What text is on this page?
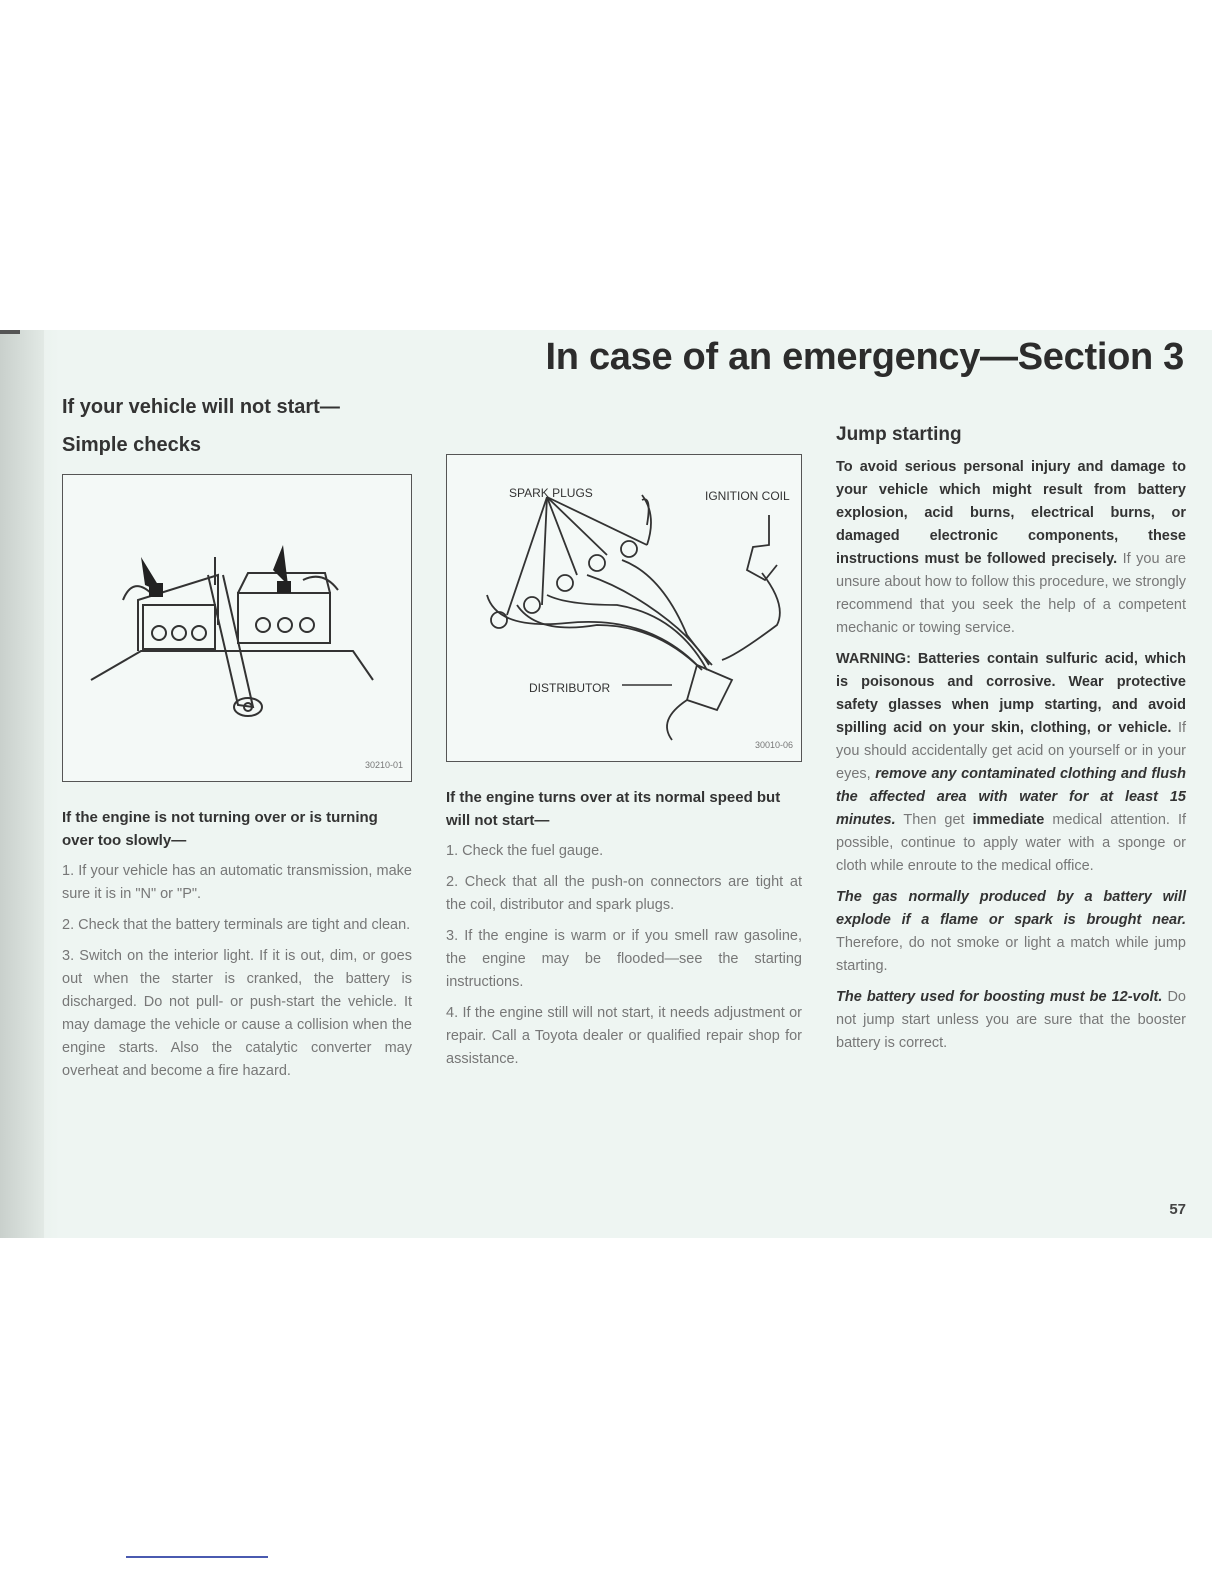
In case of an emergency—Section 3

If your vehicle will not start—

Simple checks

30210-01

If the engine is not turning over or is turning over too slowly—

1. If your vehicle has an automatic transmission, make sure it is in "N" or "P".

2. Check that the battery terminals are tight and clean.

3. Switch on the interior light. If it is out, dim, or goes out when the starter is cranked, the battery is discharged. Do not pull- or push-start the vehicle. It may damage the vehicle or cause a collision when the engine starts. Also the catalytic converter may overheat and become a fire hazard.

SPARK PLUGS	IGNITION COIL
DISTRIBUTOR
30010-06

If the engine turns over at its normal speed but will not start—

1. Check the fuel gauge.

2. Check that all the push-on connectors are tight at the coil, distributor and spark plugs.

3. If the engine is warm or if you smell raw gasoline, the engine may be flooded—see the starting instructions.

4. If the engine still will not start, it needs adjustment or repair. Call a Toyota dealer or qualified repair shop for assistance.

Jump starting

To avoid serious personal injury and damage to your vehicle which might result from battery explosion, acid burns, electrical burns, or damaged electronic components, these instructions must be followed precisely. If you are unsure about how to follow this procedure, we strongly recommend that you seek the help of a competent mechanic or towing service.

WARNING: Batteries contain sulfuric acid, which is poisonous and corrosive. Wear protective safety glasses when jump starting, and avoid spilling acid on your skin, clothing, or vehicle. If you should accidentally get acid on yourself or in your eyes, remove any contaminated clothing and flush the affected area with water for at least 15 minutes. Then get immediate medical attention. If possible, continue to apply water with a sponge or cloth while enroute to the medical office.

The gas normally produced by a battery will explode if a flame or spark is brought near. Therefore, do not smoke or light a match while jump starting.

The battery used for boosting must be 12-volt. Do not jump start unless you are sure that the booster battery is correct.

57
